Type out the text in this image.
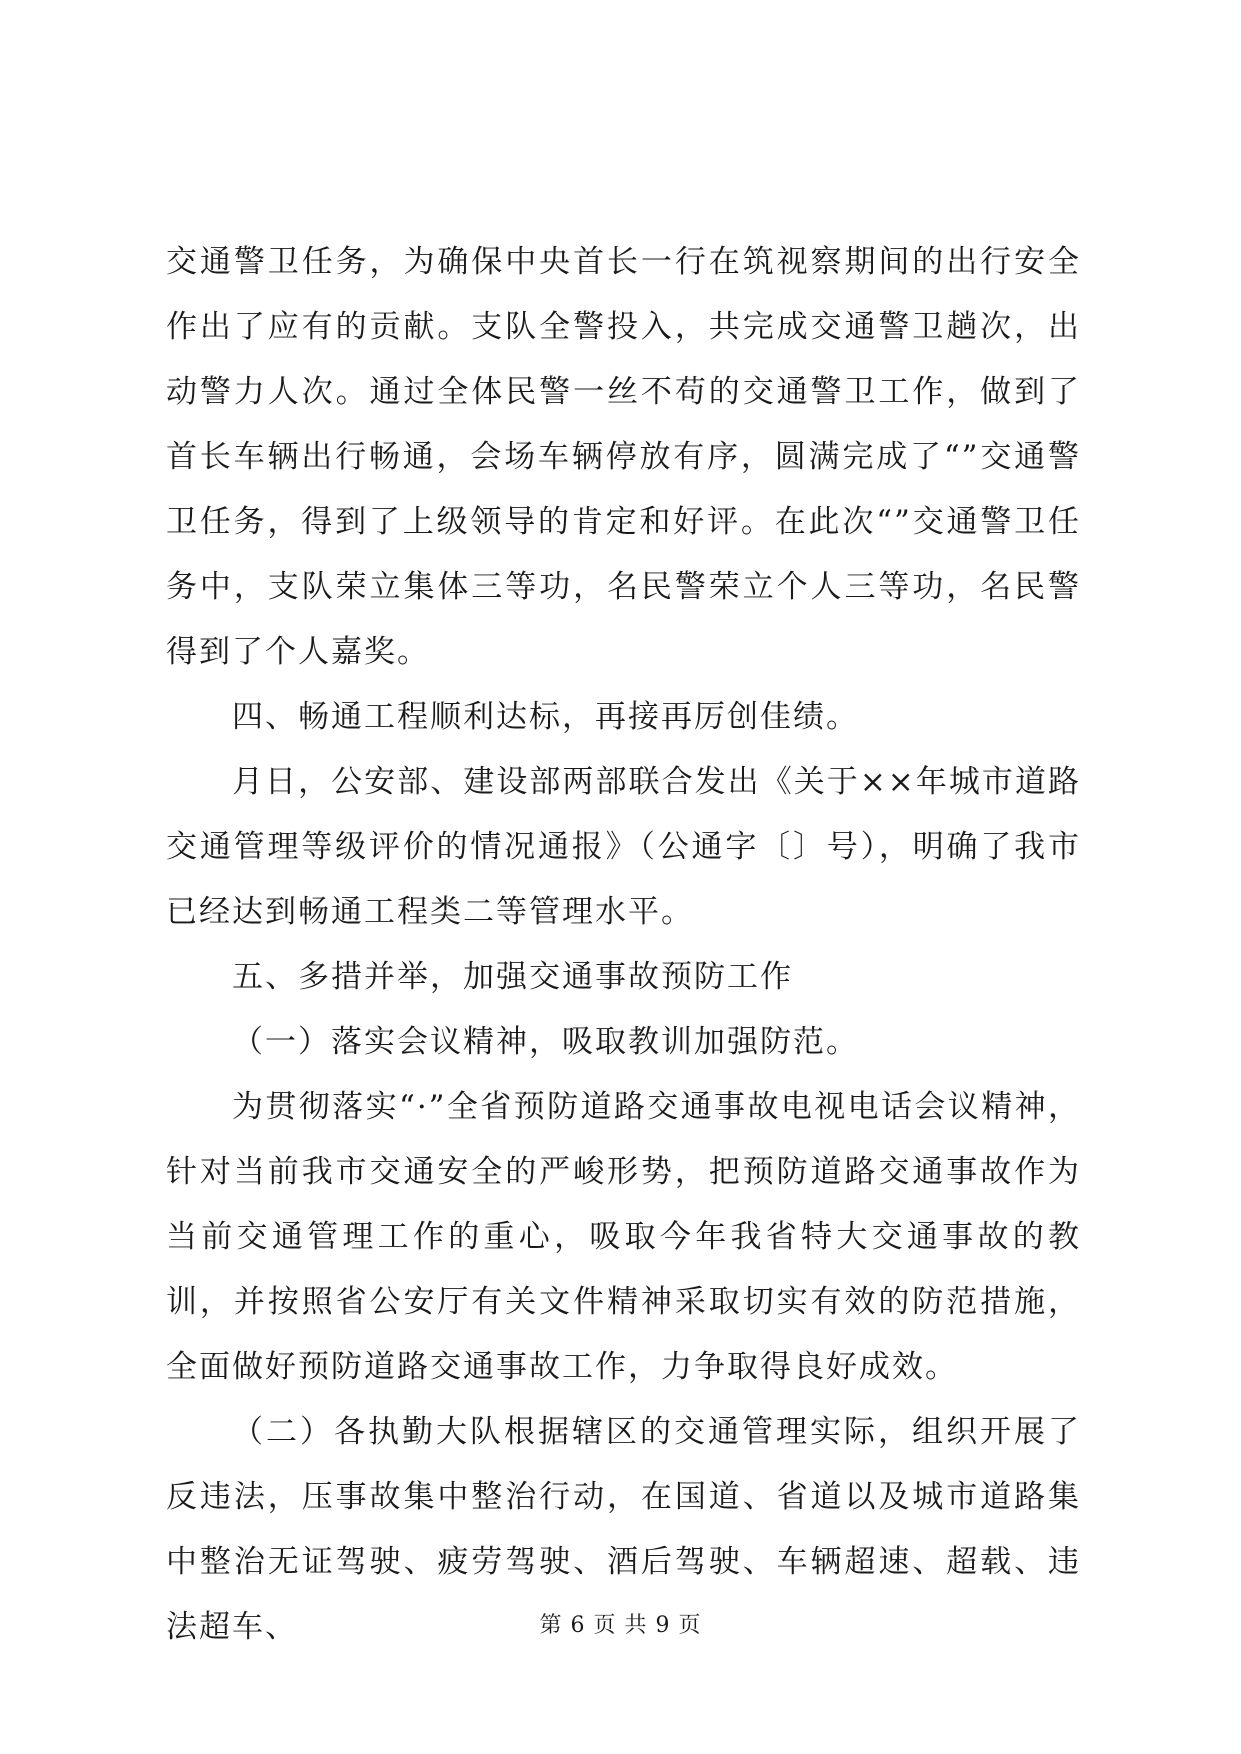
交通警卫任务，为确保中央首长一行在筑视察期间的出行安全作出了应有的贡献。支队全警投入，共完成交通警卫趟次，出动警力人次。通过全体民警一丝不苟的交通警卫工作，做到了首长车辆出行畅通，会场车辆停放有序，圆满完成了“”交通警卫任务，得到了上级领导的肯定和好评。在此次“”交通警卫任务中，支队荣立集体三等功，名民警荣立个人三等功，名民警得到了个人嘉奖。

四、畅通工程顺利达标，再接再厉创佳绩。

月日，公安部、建设部两部联合发出《关于××年城市道路交通管理等级评价的情况通报》（公通字〔〕号），明确了我市已经达到畅通工程类二等管理水平。

五、多措并举，加强交通事故预防工作

（一）落实会议精神，吸取教训加强防范。

为贯彻落实“·”全省预防道路交通事故电视电话会议精神，针对当前我市交通安全的严峻形势，把预防道路交通事故作为当前交通管理工作的重心，吸取今年我省特大交通事故的教训，并按照省公安厅有关文件精神采取切实有效的防范措施，全面做好预防道路交通事故工作，力争取得良好成效。

（二）各执勤大队根据辖区的交通管理实际，组织开展了反违法，压事故集中整治行动，在国道、省道以及城市道路集中整治无证驾驶、疲劳驾驶、酒后驾驶、车辆超速、超载、违法超车、	第 6 页 共 9 页
